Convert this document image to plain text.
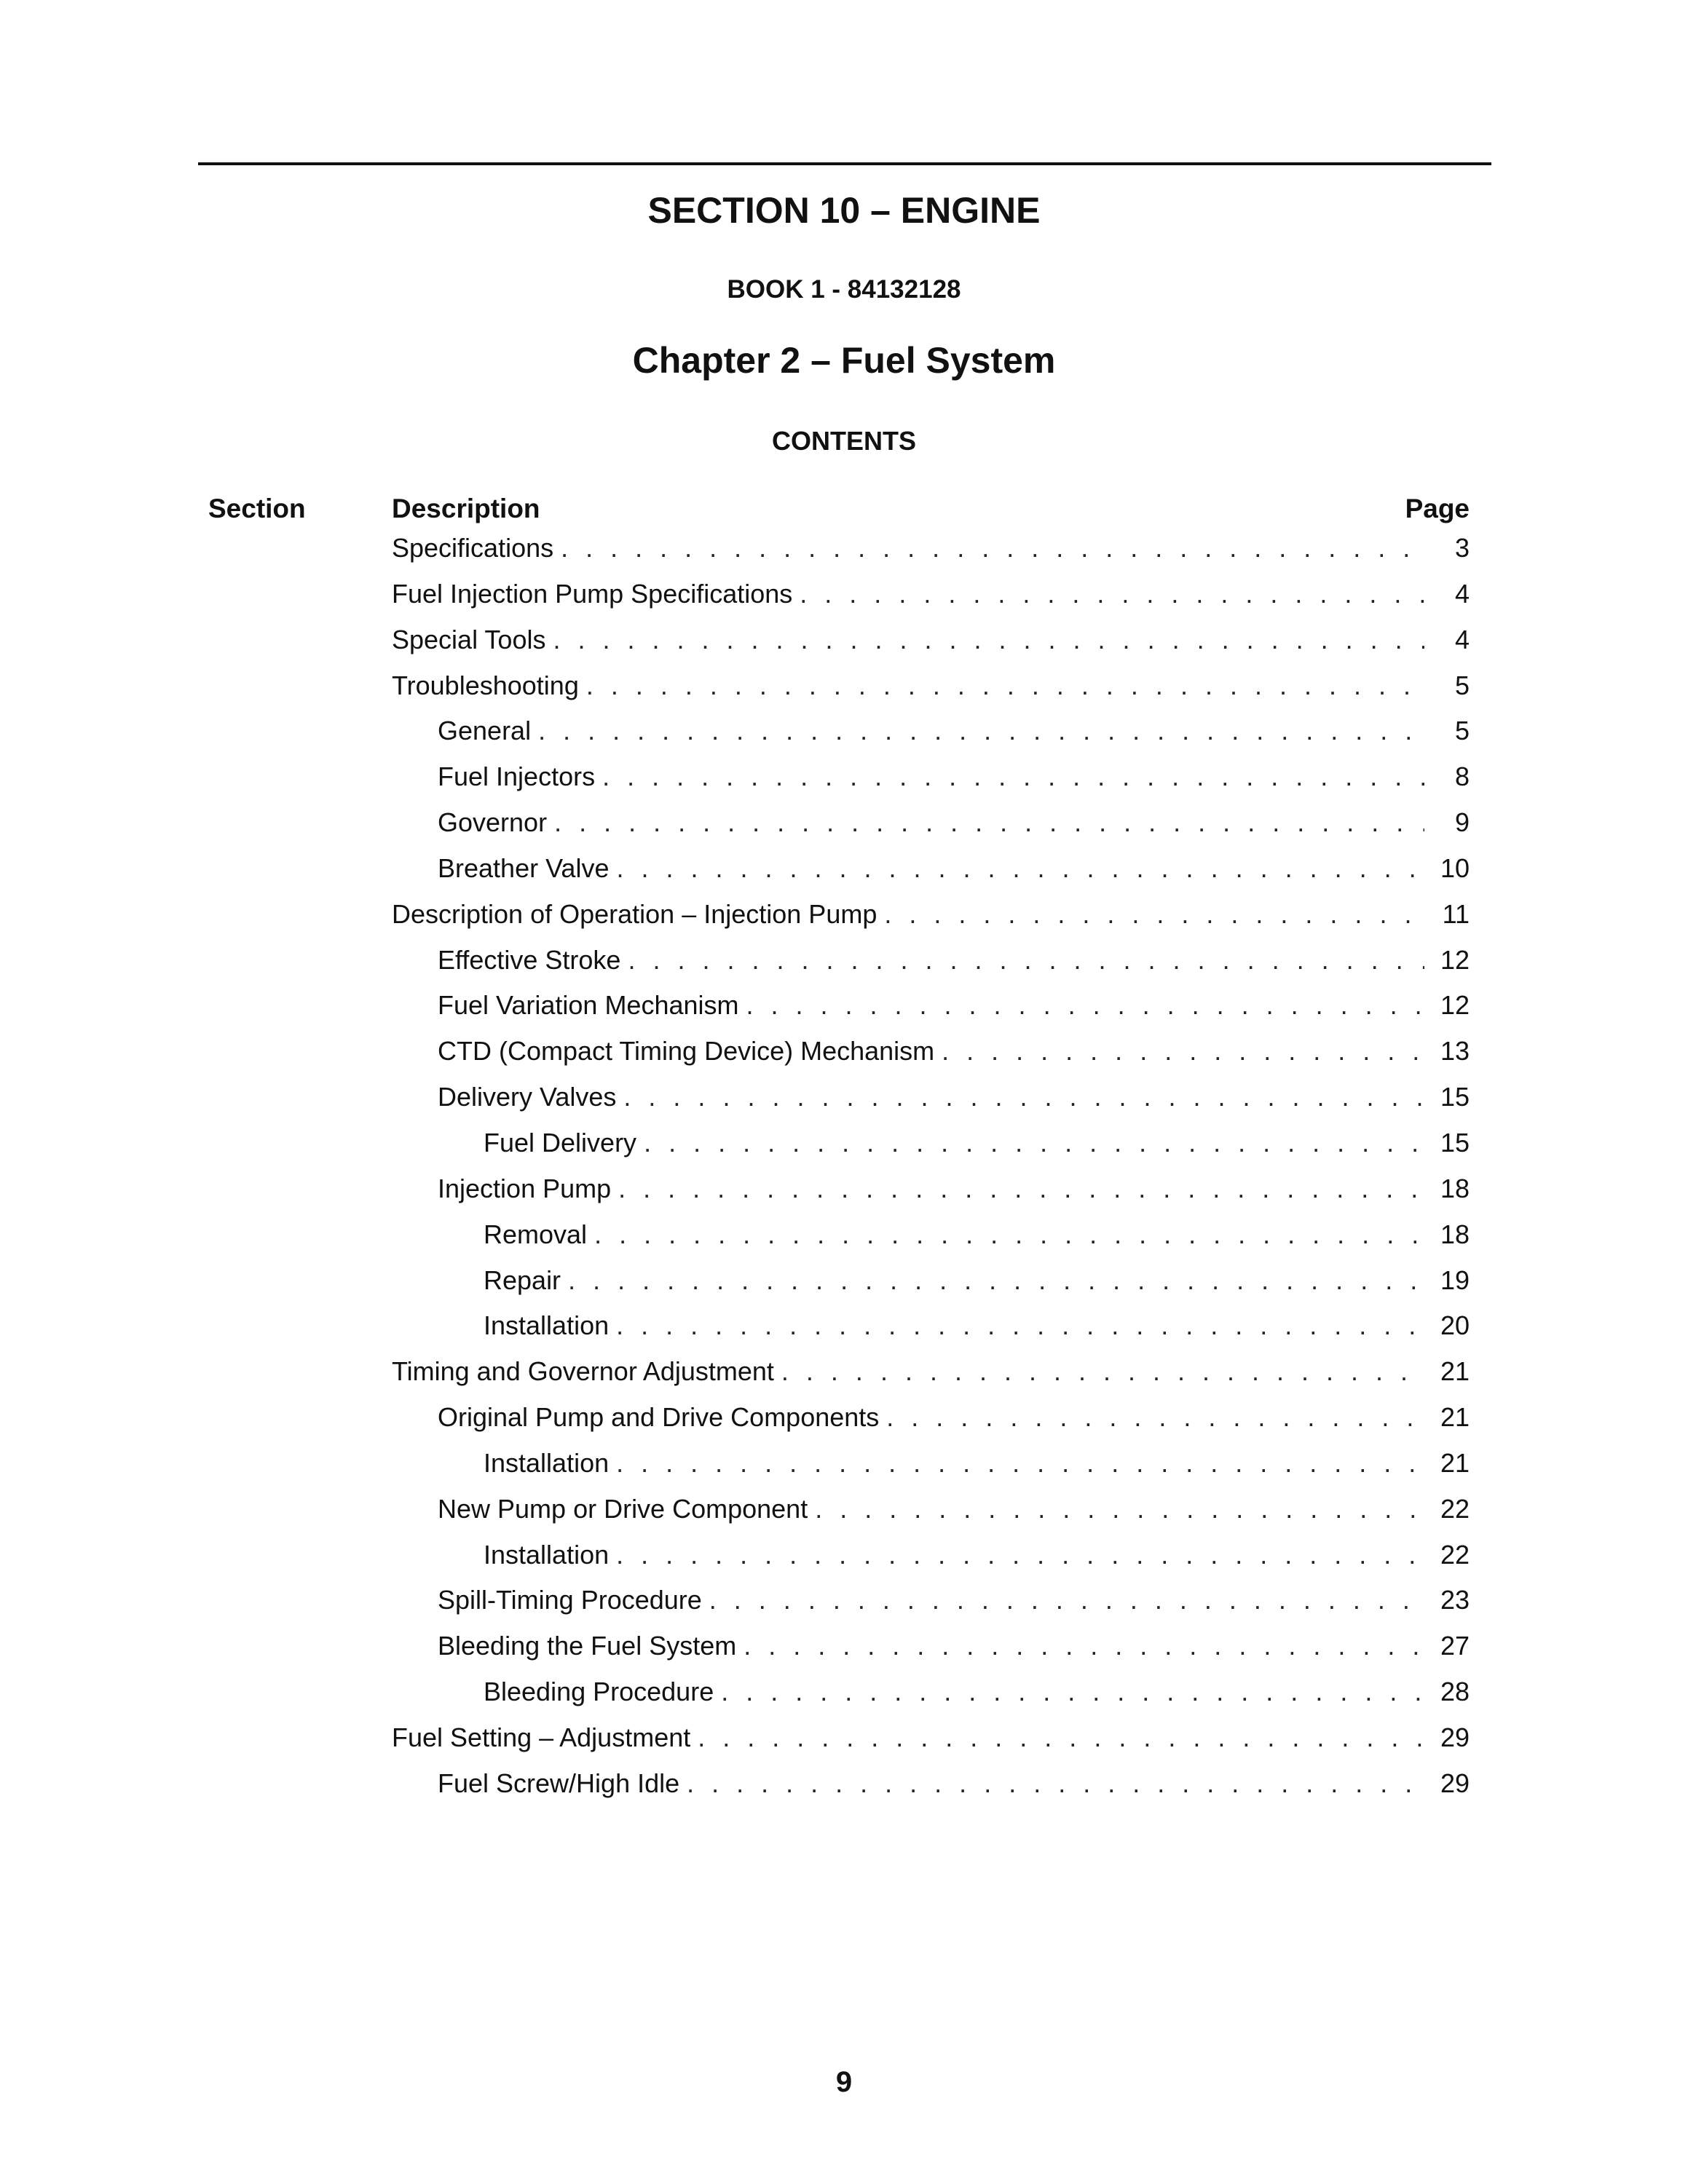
SECTION 10 – ENGINE
BOOK 1 - 84132128
Chapter 2 – Fuel System
CONTENTS
Section	Description	Page
Specifications . . .	3
Fuel Injection Pump Specifications . . .	4
Special Tools . . .	4
Troubleshooting . . .	5
General . . .	5
Fuel Injectors . . .	8
Governor . . .	9
Breather Valve . . .	10
Description of Operation – Injection Pump . . .	11
Effective Stroke . . .	12
Fuel Variation Mechanism . . .	12
CTD (Compact Timing Device) Mechanism . . .	13
Delivery Valves . . .	15
Fuel Delivery . . .	15
Injection Pump . . .	18
Removal . . .	18
Repair . . .	19
Installation . . .	20
Timing and Governor Adjustment . . .	21
Original Pump and Drive Components . . .	21
Installation . . .	21
New Pump or Drive Component . . .	22
Installation . . .	22
Spill-Timing Procedure . . .	23
Bleeding the Fuel System . . .	27
Bleeding Procedure . . .	28
Fuel Setting – Adjustment . . .	29
Fuel Screw/High Idle . . .	29
9
